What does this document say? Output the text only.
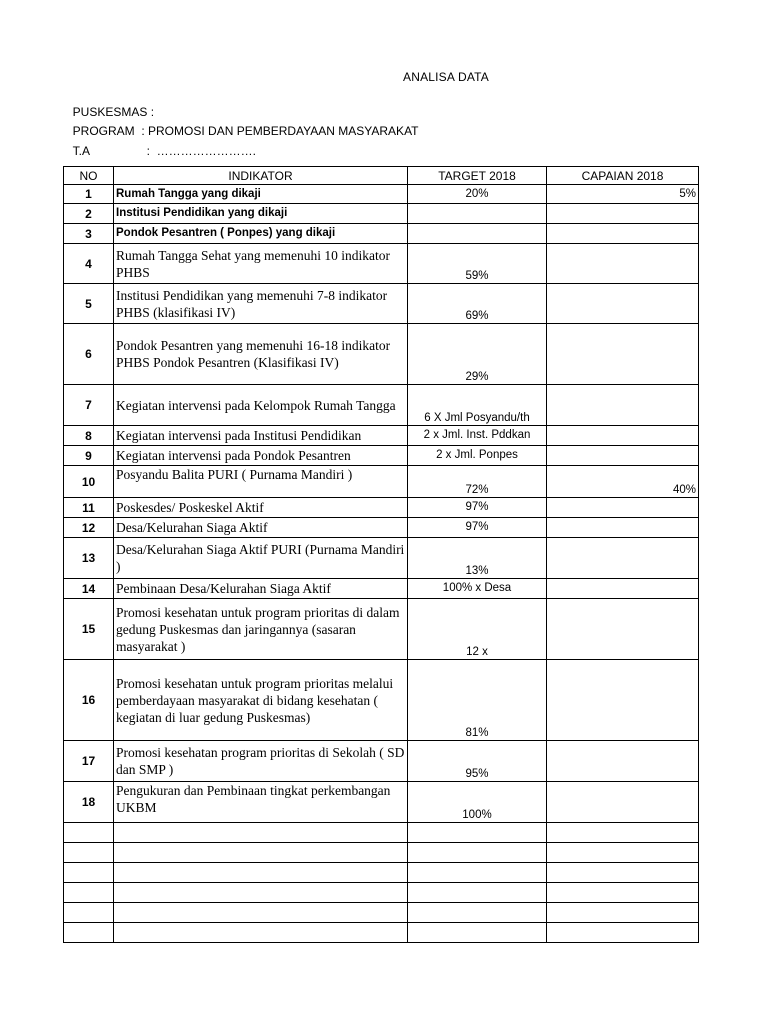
ANALISA DATA

PUSKESMAS :

PROGRAM  : PROMOSI DAN PEMBERDAYAAN MASYARAKAT

T.A	:  …………………….

NO	INDIKATOR	TARGET 2018	CAPAIAN 2018
1	Rumah Tangga yang dikaji	20%	5%
2	Institusi Pendidikan yang dikaji		
3	Pondok Pesantren ( Ponpes) yang dikaji		
4	Rumah Tangga Sehat yang memenuhi 10 indikator PHBS	59%	
5	Institusi Pendidikan yang memenuhi 7-8 indikator PHBS (klasifikasi IV)	69%	
6	Pondok Pesantren yang memenuhi 16-18 indikator PHBS Pondok Pesantren (Klasifikasi IV)	29%	
7	Kegiatan intervensi pada Kelompok Rumah Tangga	6 X Jml Posyandu/th	
8	Kegiatan intervensi pada Institusi Pendidikan	2 x Jml. Inst. Pddkan	
9	Kegiatan intervensi pada Pondok Pesantren	2 x Jml. Ponpes	
10	Posyandu Balita PURI ( Purnama Mandiri )	72%	40%
11	Poskesdes/ Poskeskel Aktif	97%	
12	Desa/Kelurahan Siaga Aktif	97%	
13	Desa/Kelurahan Siaga Aktif PURI (Purnama Mandiri )	13%	
14	Pembinaan Desa/Kelurahan Siaga Aktif	100% x Desa	
15	Promosi kesehatan untuk program prioritas di dalam gedung Puskesmas dan jaringannya (sasaran masyarakat )	12 x	
16	Promosi kesehatan untuk program prioritas melalui pemberdayaan masyarakat di bidang kesehatan ( kegiatan di luar gedung Puskesmas)	81%	
17	Promosi kesehatan program prioritas di Sekolah ( SD dan SMP )	95%	
18	Pengukuran dan Pembinaan tingkat perkembangan UKBM	100%	
